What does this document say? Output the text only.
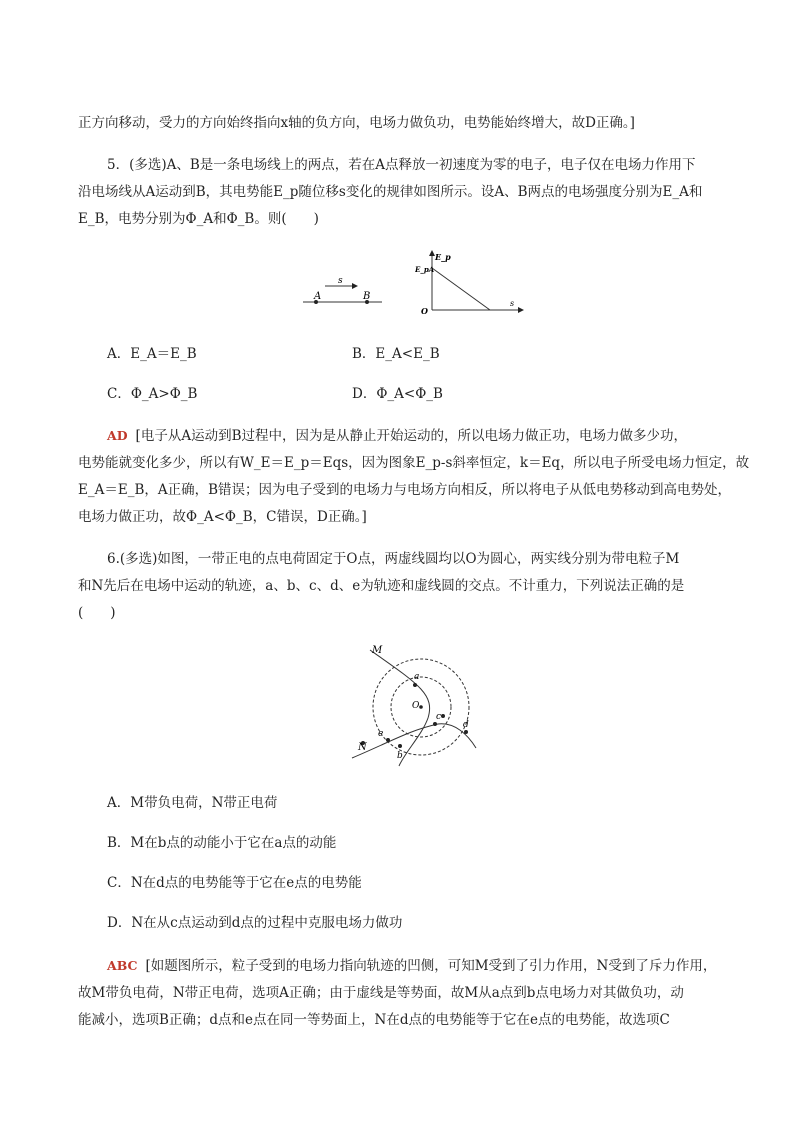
正方向移动，受力的方向始终指向x轴的负方向，电场力做负功，电势能始终增大，故D正确。]
5．(多选)A、B是一条电场线上的两点，若在A点释放一初速度为零的电子，电子仅在电场力作用下
沿电场线从A运动到B，其电势能E_p随位移s变化的规律如图所示。设A、B两点的电场强度分别为E_A和
E_B，电势分别为Φ_A和Φ_B。则(　　)
A	B
s
E_p
E_pA
O
s
A．E_A＝E_B	B．E_A<E_B
C．Φ_A>Φ_B	D．Φ_A<Φ_B
AD [电子从A运动到B过程中，因为是从静止开始运动的，所以电场力做正功，电场力做多少功，
电势能就变化多少，所以有W_E＝E_p＝Eqs，因为图象E_p-s斜率恒定，k＝Eq，所以电子所受电场力恒定，故
E_A＝E_B，A正确，B错误；因为电子受到的电场力与电场方向相反，所以将电子从低电势移动到高电势处，
电场力做正功，故Φ_A<Φ_B，C错误，D正确。]
6.(多选)如图，一带正电的点电荷固定于O点，两虚线圆均以O为圆心，两实线分别为带电粒子M
和N先后在电场中运动的轨迹，a、b、c、d、e为轨迹和虚线圆的交点。不计重力，下列说法正确的是
(　　)
M
N
a
b
c
d
e
O
A．M带负电荷，N带正电荷
B．M在b点的动能小于它在a点的动能
C．N在d点的电势能等于它在e点的电势能
D．N在从c点运动到d点的过程中克服电场力做功
ABC [如题图所示，粒子受到的电场力指向轨迹的凹侧，可知M受到了引力作用，N受到了斥力作用，
故M带负电荷，N带正电荷，选项A正确；由于虚线是等势面，故M从a点到b点电场力对其做负功，动
能减小，选项B正确；d点和e点在同一等势面上，N在d点的电势能等于它在e点的电势能，故选项C
